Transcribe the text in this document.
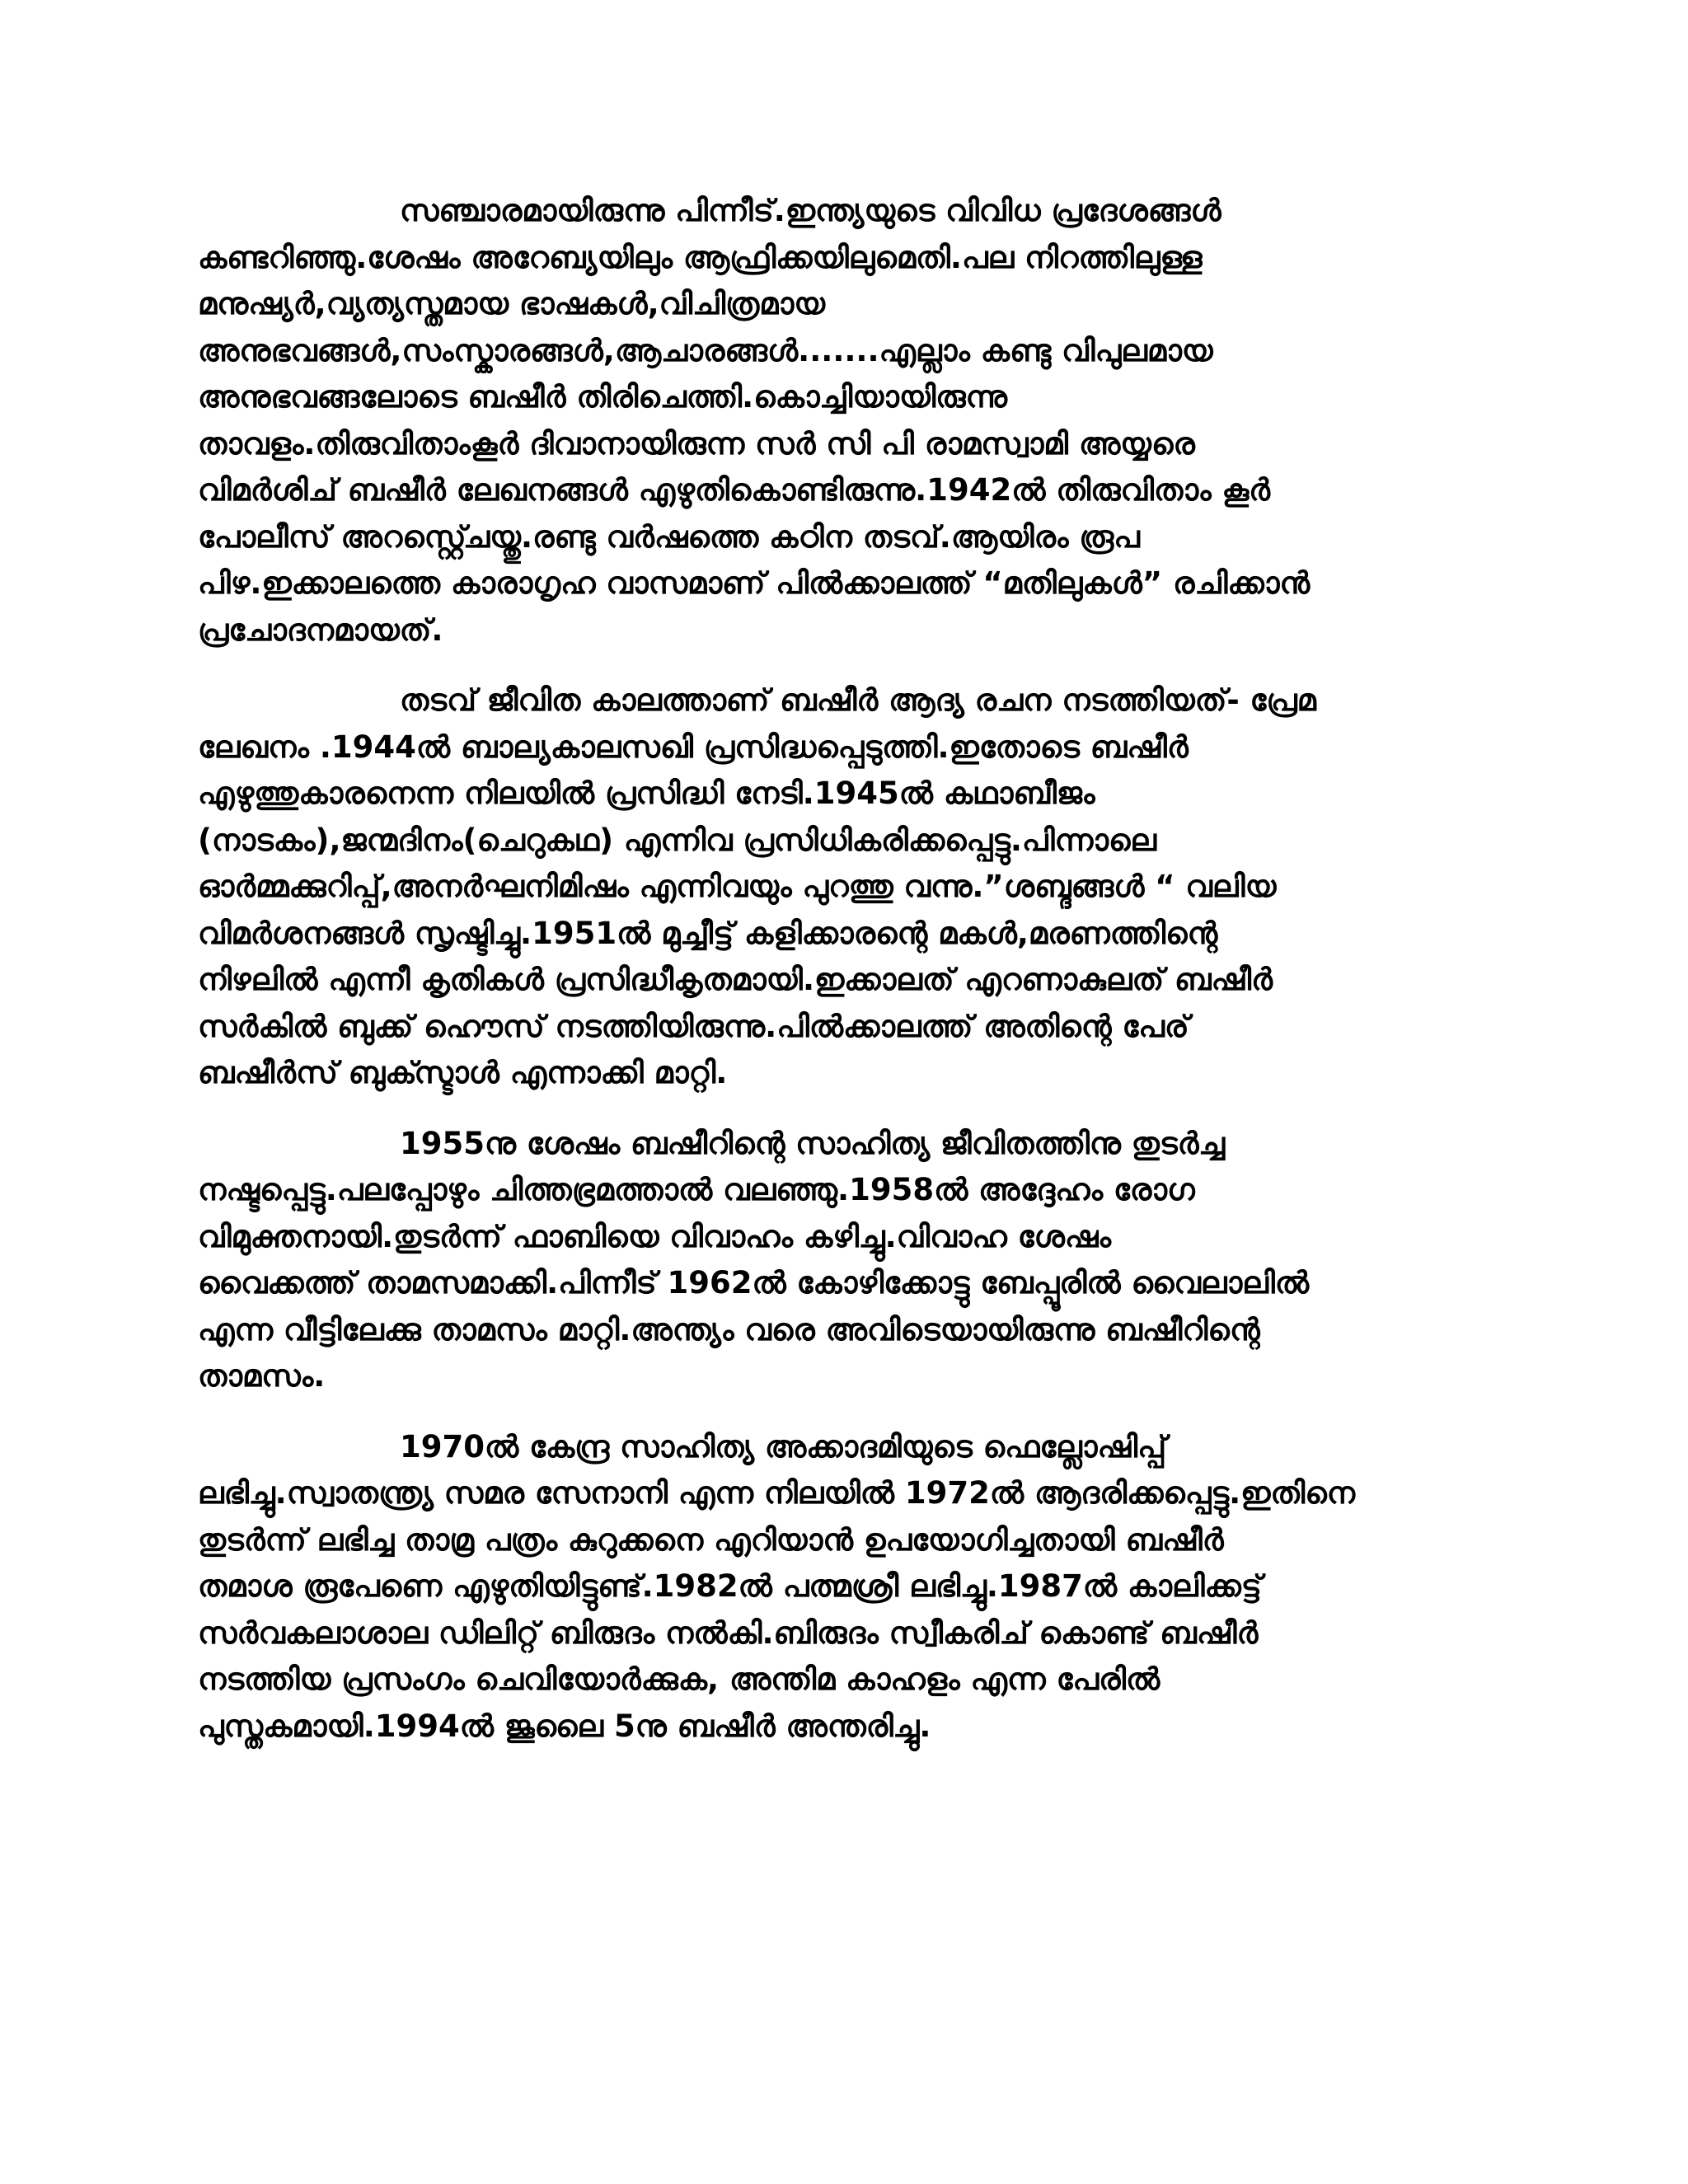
സഞ്ചാരമായിരുന്നു പിന്നീട്.ഇന്ത്യയുടെ വിവിധ പ്രദേശങ്ങൾ
കണ്ടറിഞ്ഞു.ശേഷം അറേബ്യയിലും ആഫ്രിക്കയിലുമെതി.പല നിറത്തിലുള്ള
മനുഷ്യർ,വ്യത്യസ്തമായ ഭാഷകൾ,വിചിത്രമായ
അനുഭവങ്ങൾ,സംസ്കാരങ്ങൾ,ആചാരങ്ങൾ.......എല്ലാം കണ്ടു വിപുലമായ
അനുഭവങ്ങലോടെ ബഷീർ തിരിചെത്തി.കൊച്ചിയായിരുന്നു
താവളം.തിരുവിതാംകൂർ ദിവാനായിരുന്ന സർ സി പി രാമസ്വാമി അയ്യരെ
വിമർശിച് ബഷീർ ലേഖനങ്ങൾ എഴുതികൊണ്ടിരുന്നു.1942ൽ തിരുവിതാം കൂർ
പോലീസ് അറസ്റ്റ്ചെയ്തു.രണ്ടു വർഷത്തെ കഠിന തടവ്.ആയിരം രൂപ
പിഴ.ഇക്കാലത്തെ കാരാഗൃഹ വാസമാണ് പിൽക്കാലത്ത് “മതിലുകൾ” രചിക്കാൻ
പ്രചോദനമായത്.

തടവ് ജീവിത കാലത്താണ് ബഷീർ ആദ്യ രചന നടത്തിയത്- പ്രേമ
ലേഖനം .1944ൽ ബാല്യകാലസഖി പ്രസിദ്ധപ്പെടുത്തി.ഇതോടെ ബഷീർ
എഴുത്തുകാരനെന്ന നിലയിൽ പ്രസിദ്ധി നേടി.1945ൽ കഥാബീജം
(നാടകം),ജന്മദിനം(ചെറുകഥ) എന്നിവ പ്രസിധികരിക്കപ്പെട്ടു.പിന്നാലെ
ഓർമ്മക്കുറിപ്പ്,അനർഘനിമിഷം എന്നിവയും പുറത്തു വന്നു.”ശബ്ദങ്ങൾ “ വലിയ
വിമർശനങ്ങൾ സൃഷ്ടിച്ചു.1951ൽ മുച്ചീട്ട് കളിക്കാരന്റെ മകൾ,മരണത്തിന്റെ
നിഴലിൽ എന്നീ കൃതികൾ പ്രസിദ്ധീകൃതമായി.ഇക്കാലത് എറണാകുലത് ബഷീർ
സർകിൽ ബുക്ക് ഹൌസ് നടത്തിയിരുന്നു.പിൽക്കാലത്ത് അതിന്റെ പേര്
ബഷീർസ് ബുക്സ്ടാൾ എന്നാക്കി മാറ്റി.

1955നു ശേഷം ബഷീറിന്റെ സാഹിത്യ ജീവിതത്തിനു തുടർച്ച
നഷ്ടപ്പെട്ടു.പലപ്പോഴും ചിത്തഭ്രമത്താൽ വലഞ്ഞു.1958ൽ അദ്ദേഹം രോഗ
വിമുക്തനായി.തുടർന്ന് ഫാബിയെ വിവാഹം കഴിച്ചു.വിവാഹ ശേഷം
വൈക്കത്ത് താമസമാക്കി.പിന്നീട് 1962ൽ കോഴിക്കോട്ടു ബേപ്പൂരിൽ വൈലാലിൽ
എന്ന വീട്ടിലേക്കു താമസം മാറ്റി.അന്ത്യം വരെ അവിടെയായിരുന്നു ബഷീറിന്റെ
താമസം.

1970ൽ കേന്ദ്ര സാഹിത്യ അക്കാദമിയുടെ ഫെല്ലോഷിപ്പ്
ലഭിച്ചു.സ്വാതന്ത്ര്യ സമര സേനാനി എന്ന നിലയിൽ 1972ൽ ആദരിക്കപ്പെട്ടു.ഇതിനെ
തുടർന്ന് ലഭിച്ച താമ്ര പത്രം കുറുക്കനെ എറിയാൻ ഉപയോഗിച്ചതായി ബഷീർ
തമാശ രൂപേണെ എഴുതിയിട്ടുണ്ട്.1982ൽ പത്മശ്രീ ലഭിച്ചു.1987ൽ കാലിക്കട്ട്
സർവകലാശാല ഡിലിറ്റ് ബിരുദം നൽകി.ബിരുദം സ്വീകരിച് കൊണ്ട് ബഷീർ
നടത്തിയ പ്രസംഗം ചെവിയോർക്കുക, അന്തിമ കാഹളം എന്ന പേരിൽ
പുസ്തകമായി.1994ൽ ജൂലൈ 5നു ബഷീർ അന്തരിച്ചു.
